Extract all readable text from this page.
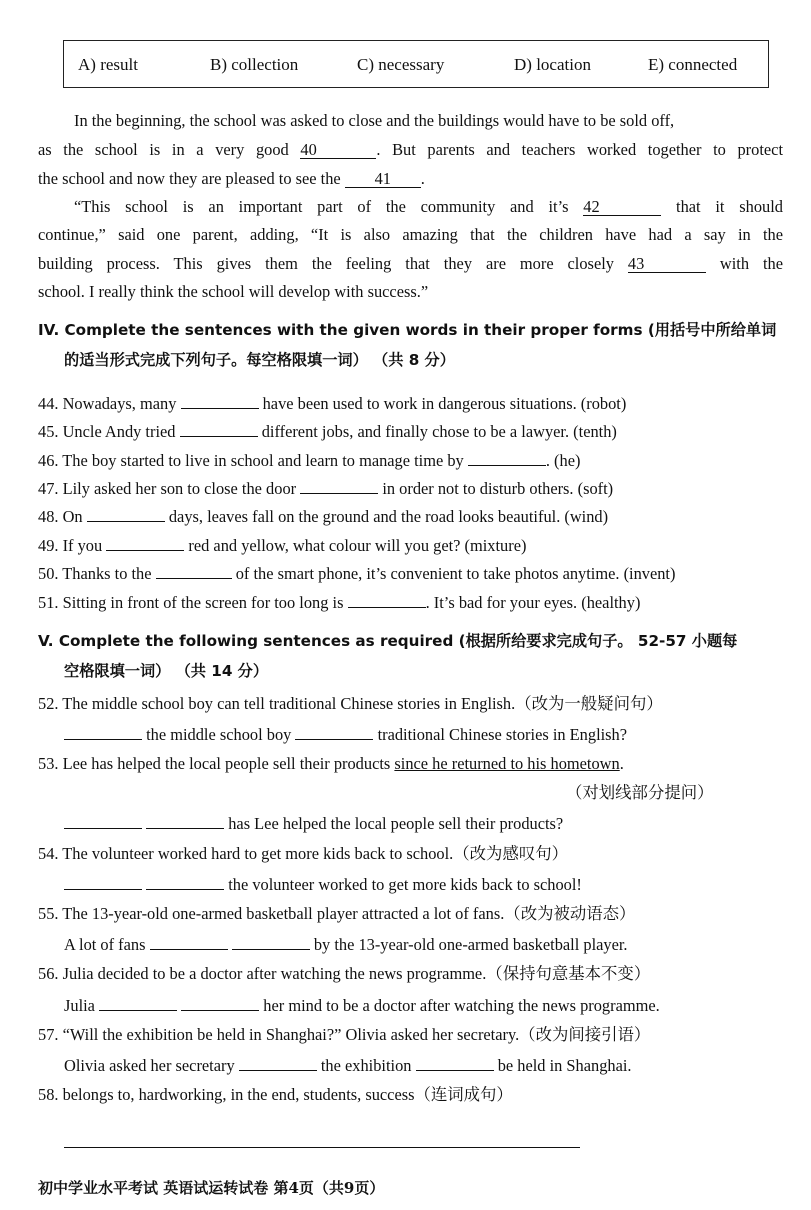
A) result	B) collection	C) necessary	D) location	E) connected
In the beginning, the school was asked to close and the buildings would have to be sold off,
as the school is in a very good 40	. But parents and teachers worked together to protect
the school and now they are pleased to see the 41 .
“This school is an important part of the community and it’s 42	that it should
continue,” said one parent, adding, “It is also amazing that the children have had a say in the
building process. This gives them the feeling that they are more closely 43	with the
school. I really think the school will develop with success.”
IV. Complete the sentences with the given words in their proper forms (用括号中所给单词
的适当形式完成下列句子。每空格限填一词） （共 8 分）
44. Nowadays, many	have been used to work in dangerous situations. (robot)
45. Uncle Andy tried	different jobs, and finally chose to be a lawyer. (tenth)
46. The boy started to live in school and learn to manage time by	. (he)
47. Lily asked her son to close the door	in order not to disturb others. (soft)
48. On	days, leaves fall on the ground and the road looks beautiful. (wind)
49. If you	red and yellow, what colour will you get? (mixture)
50. Thanks to the	of the smart phone, it’s convenient to take photos anytime. (invent)
51. Sitting in front of the screen for too long is	. It’s bad for your eyes. (healthy)
V. Complete the following sentences as required (根据所给要求完成句子。 52-57 小题每
空格限填一词） （共 14 分）
52. The middle school boy can tell traditional Chinese stories in English.（改为一般疑问句）
the middle school boy	traditional Chinese stories in English?
53. Lee has helped the local people sell their products since he returned to his hometown.
（对划线部分提问）
has Lee helped the local people sell their products?
54. The volunteer worked hard to get more kids back to school.（改为感叹句）
the volunteer worked to get more kids back to school!
55. The 13-year-old one-armed basketball player attracted a lot of fans.（改为被动语态）
A lot of fans	by the 13-year-old one-armed basketball player.
56. Julia decided to be a doctor after watching the news programme.（保持句意基本不变）
Julia	her mind to be a doctor after watching the news programme.
57. “Will the exhibition be held in Shanghai?” Olivia asked her secretary.（改为间接引语）
Olivia asked her secretary	the exhibition	be held in Shanghai.
58. belongs to, hardworking, in the end, students, success（连词成句）
初中学业水平考试 英语试运转试卷 第4页（共9页）
